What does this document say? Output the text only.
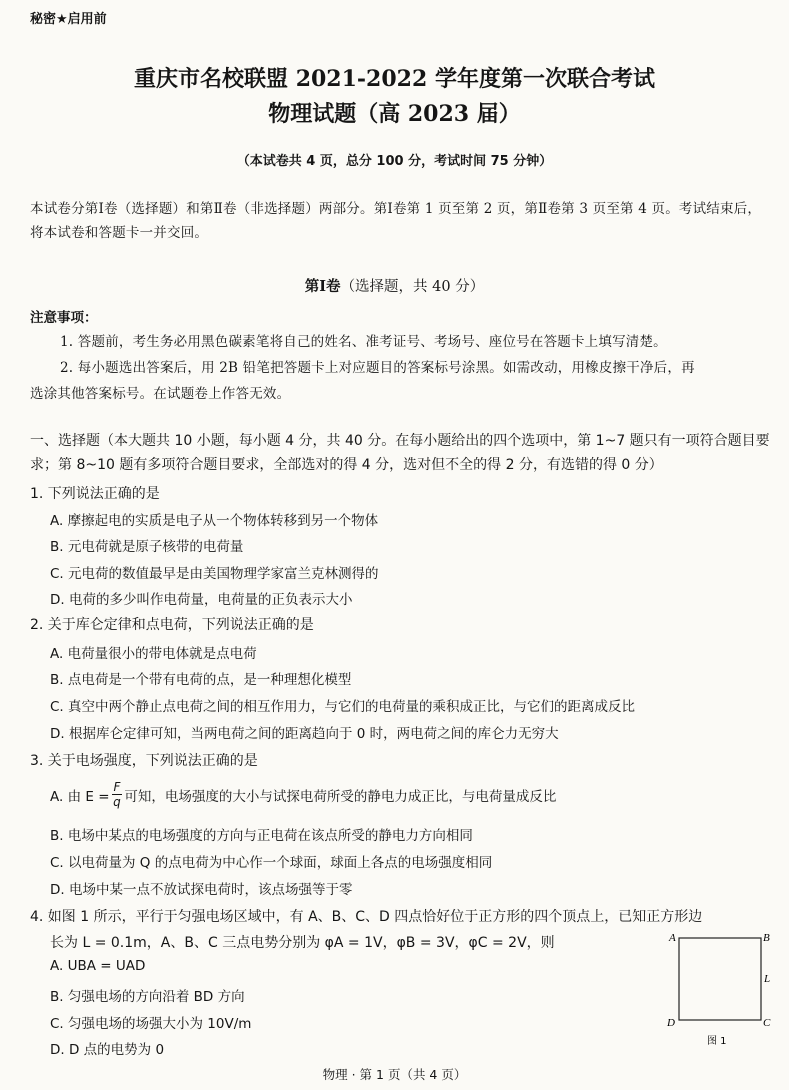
秘密★启用前
重庆市名校联盟 2021-2022 学年度第一次联合考试
物理试题（高 2023 届）
（本试卷共 4 页，总分 100 分，考试时间 75 分钟）
本试卷分第Ⅰ卷（选择题）和第Ⅱ卷（非选择题）两部分。第Ⅰ卷第 1 页至第 2 页，第Ⅱ卷第 3 页至第 4 页。考试结束后，将本试卷和答题卡一并交回。
第Ⅰ卷（选择题，共 40 分）
注意事项：
1. 答题前，考生务必用黑色碳素笔将自己的姓名、准考证号、考场号、座位号在答题卡上填写清楚。
2. 每小题选出答案后，用 2B 铅笔把答题卡上对应题目的答案标号涂黑。如需改动，用橡皮擦干净后，再
选涂其他答案标号。在试题卷上作答无效。
一、选择题（本大题共 10 小题，每小题 4 分，共 40 分。在每小题给出的四个选项中，第 1~7 题只有一项符合题目要求；第 8~10 题有多项符合题目要求，全部选对的得 4 分，选对但不全的得 2 分，有选错的得 0 分）
1. 下列说法正确的是
A. 摩擦起电的实质是电子从一个物体转移到另一个物体
B. 元电荷就是原子核带的电荷量
C. 元电荷的数值最早是由美国物理学家富兰克林测得的
D. 电荷的多少叫作电荷量，电荷量的正负表示大小
2. 关于库仑定律和点电荷，下列说法正确的是
A. 电荷量很小的带电体就是点电荷
B. 点电荷是一个带有电荷的点，是一种理想化模型
C. 真空中两个静止点电荷之间的相互作用力，与它们的电荷量的乘积成正比，与它们的距离成反比
D. 根据库仑定律可知，当两电荷之间的距离趋向于 0 时，两电荷之间的库仑力无穷大
3. 关于电场强度，下列说法正确的是
A. 由 $E = \frac{F}{q}$ 可知，电场强度的大小与试探电荷所受的静电力成正比，与电荷量成反比
B. 电场中某点的电场强度的方向与正电荷在该点所受的静电力方向相同
C. 以电荷量为 Q 的点电荷为中心作一个球面，球面上各点的电场强度相同
D. 电场中某一点不放试探电荷时，该点场强等于零
4. 如图 1 所示，平行于匀强电场区域中，有 A、B、C、D 四点恰好位于正方形的四个顶点上，已知正方形边
长为 L = 0.1m，A、B、C 三点电势分别为 φA = 1V，φB = 3V，φC = 2V，则
A. UBA = UAD
B. 匀强电场的方向沿着 BD 方向
C. 匀强电场的场强大小为 10V/m
D. D 点的电势为 0
A	B
C
D
L
图 1
物理 · 第 1 页（共 4 页）
